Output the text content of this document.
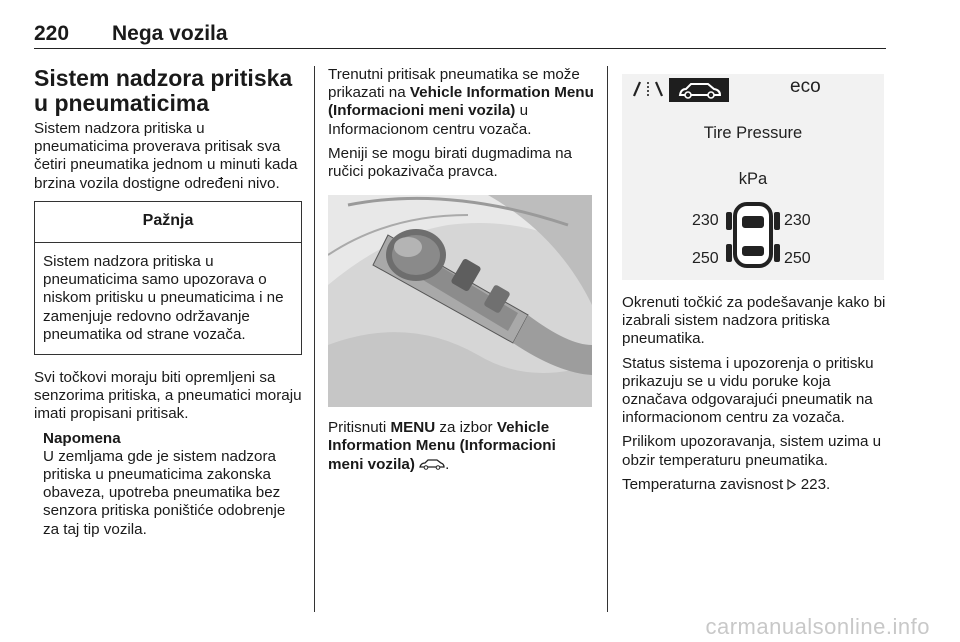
220 Nega vozila
Sistem nadzora pritiska u pneumaticima

Sistem nadzora pritiska u pneumaticima proverava pritisak sva četiri pneumatika jednom u minuti kada brzina vozila dostigne određeni nivo.

Pažnja
Sistem nadzora pritiska u pneumaticima samo upozorava o niskom pritisku u pneumaticima i ne zamenjuje redovno održavanje pneumatika od strane vozača.

Svi točkovi moraju biti opremljeni sa senzorima pritiska, a pneumatici moraju imati propisani pritisak.

Napomena
U zemljama gde je sistem nadzora pritiska u pneumaticima zakonska obaveza, upotreba pneumatika bez senzora pritiska poništiće odobrenje za taj tip vozila.

Trenutni pritisak pneumatika se može prikazati na Vehicle Information Menu (Informacioni meni vozila) u Informacionom centru vozača.

Meniji se mogu birati dugmadima na ručici pokazivača pravca.

Pritisnuti MENU za izbor Vehicle Information Menu (Informacioni meni vozila) .

eco
Tire Pressure
kPa
230	230
250	250

Okrenuti točkić za podešavanje kako bi izabrali sistem nadzora pritiska pneumatika.

Status sistema i upozorenja o pritisku prikazuju se u vidu poruke koja označava odgovarajući pneumatik na informacionom centru za vozača.

Prilikom upozoravanja, sistem uzima u obzir temperaturu pneumatika.

Temperaturna zavisnost  223.

carmanualsonline.info
